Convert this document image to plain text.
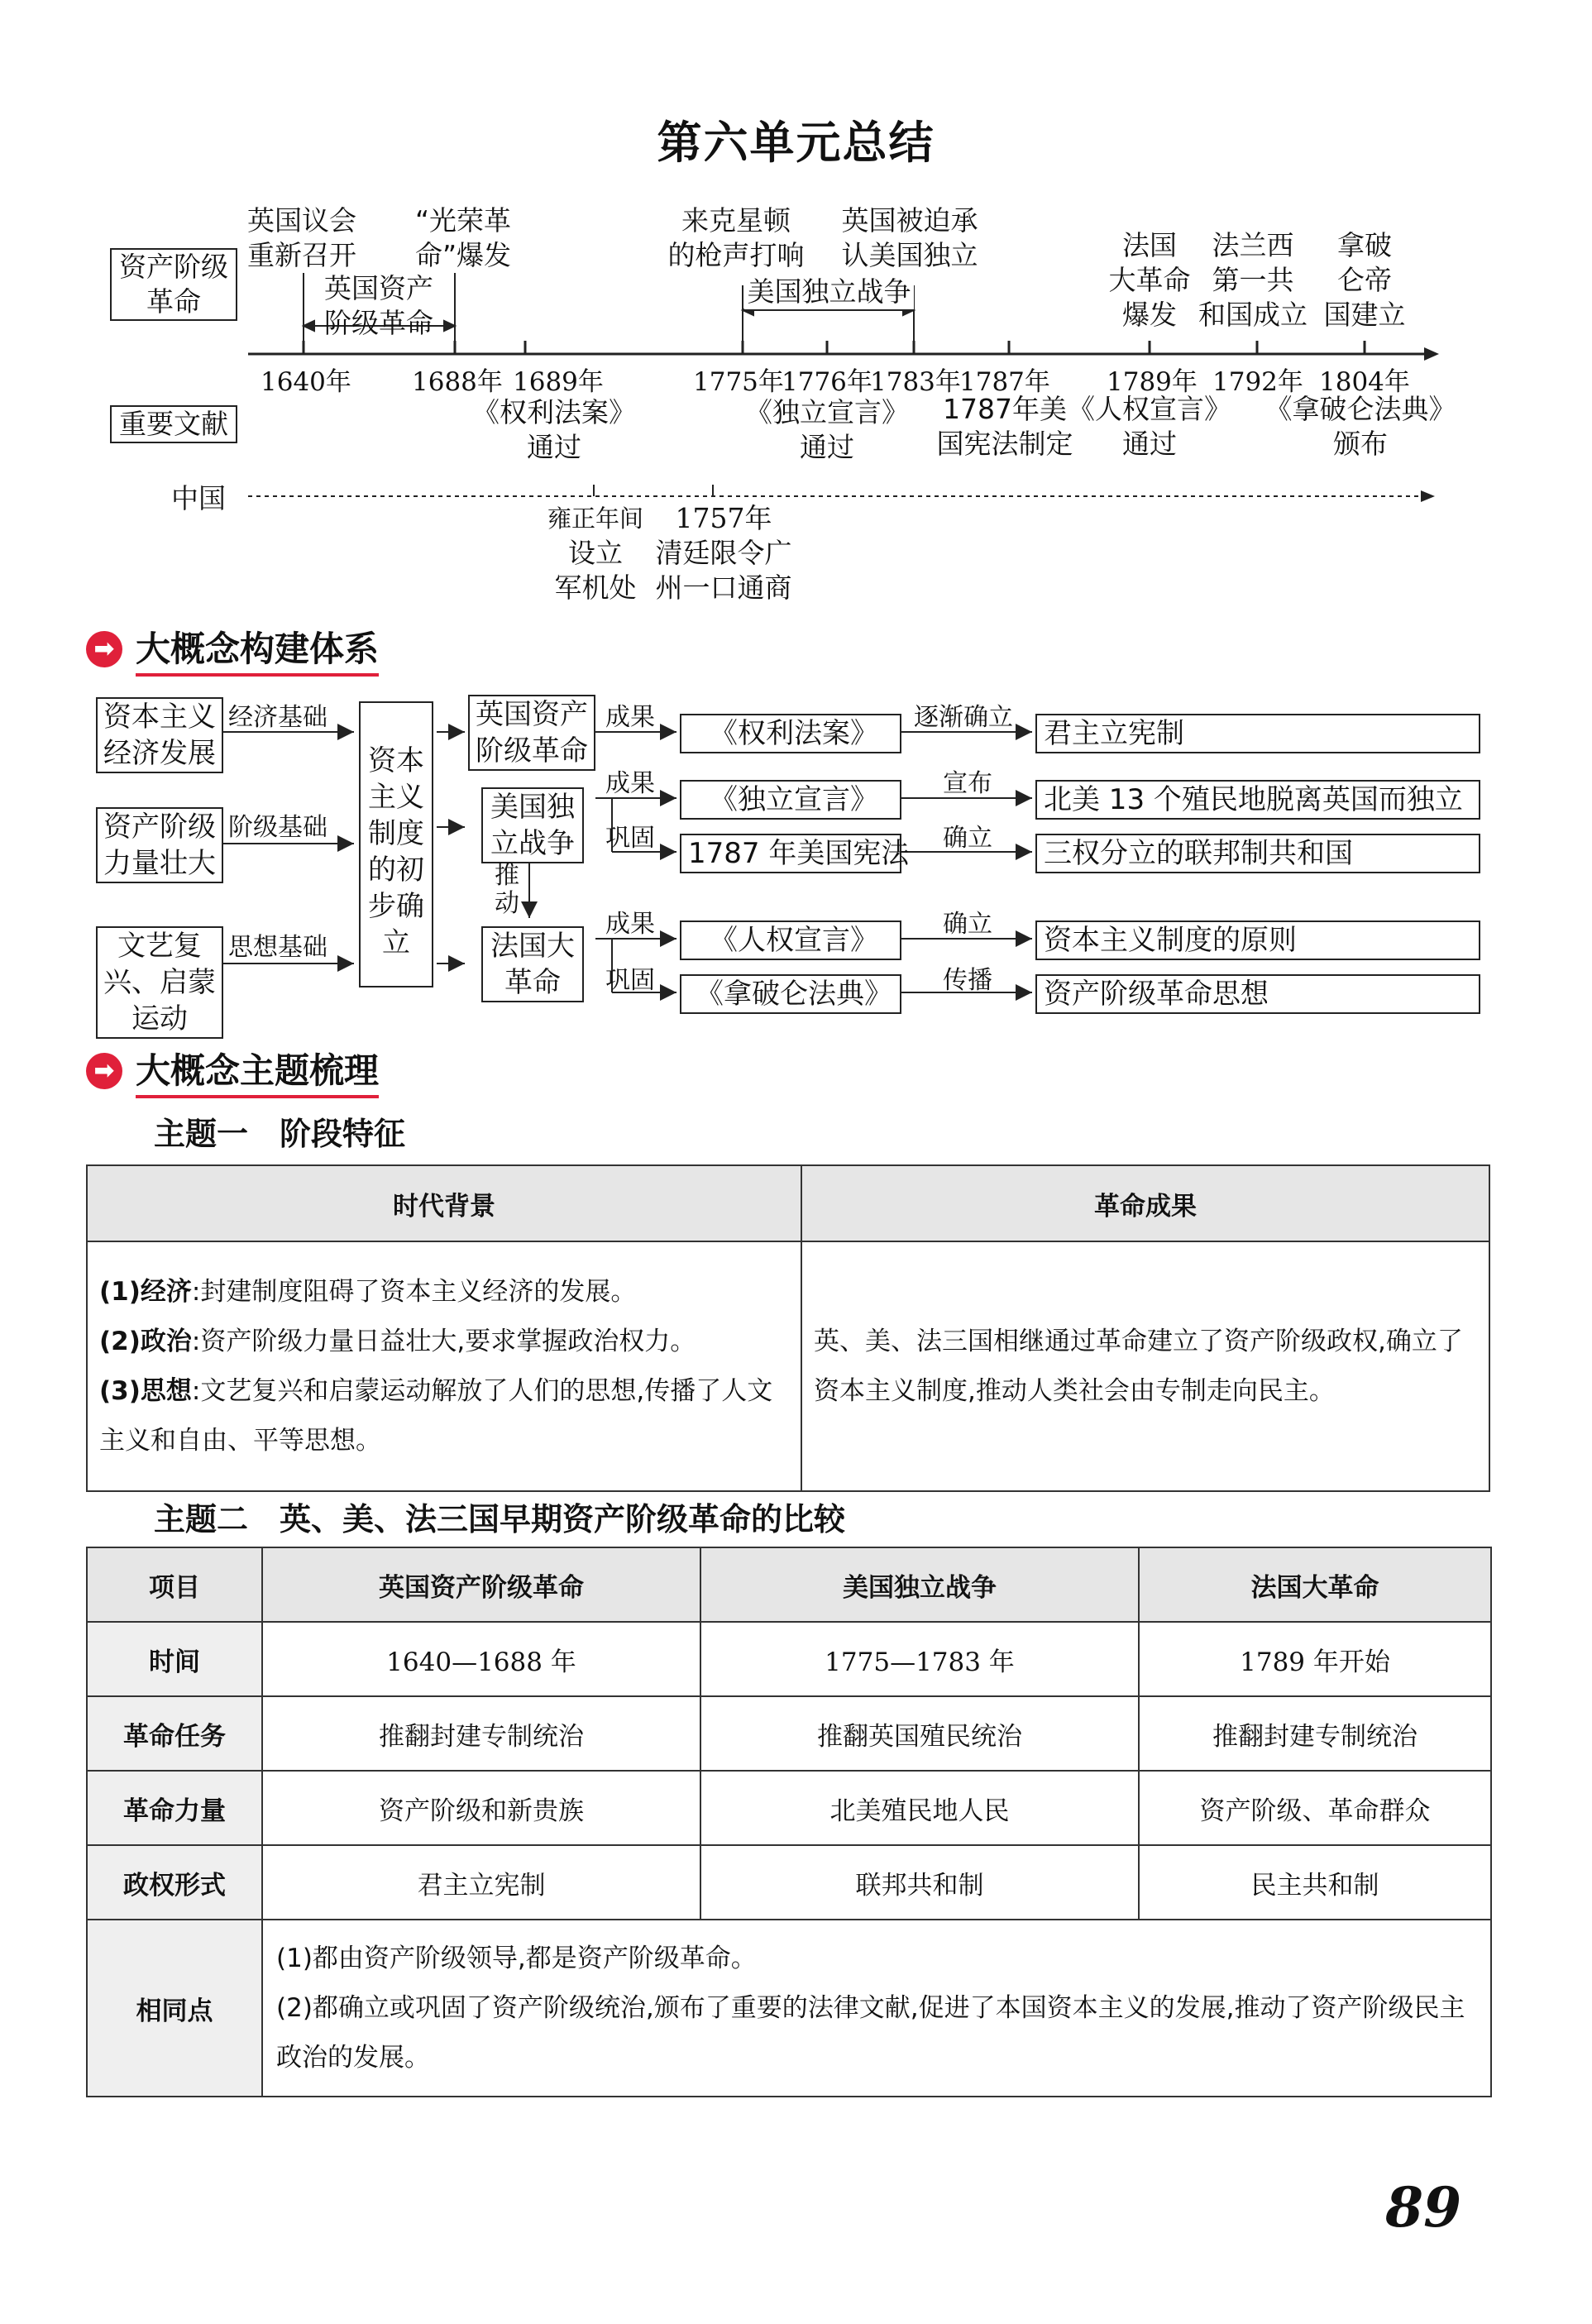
第六单元总结
资产阶级革命
重要文献
中国
英国议会
重新召开
“光荣革
命”爆发
来克星顿
的枪声打响
英国被迫承
认美国独立	法国
大革命
爆发
法兰西
第一共
和国成立
拿破
仑帝
国建立
英国资产
阶级革命
美国独立战争
1640年 1688年 1689年	1775年
1776年
1783年
1787年 1789年 1792年 1804年
《权利法案》
通过
《独立宣言》
通过
1787年美
国宪法制定
《人权宣言》
通过
《拿破仑法典》
颁布
雍正年间
设立
军机处
1757年
清廷限令广
州一口通商
➡ 大概念构建体系
资本主义经济发展
资产阶级力量壮大
文艺复兴、启蒙运动
经济基础
阶级基础
思想基础
资本主义制度的初步确立
英国资产阶级革命
美国独立战争
法国大革命
推动
成果
成果
巩固
成果
巩固
《权利法案》
《独立宣言》
1787 年美国宪法
《人权宣言》
《拿破仑法典》
逐渐确立
宣布
确立
确立
传播
君主立宪制
北美 13 个殖民地脱离英国而独立
三权分立的联邦制共和国
资本主义制度的原则
资产阶级革命思想
➡ 大概念主题梳理
主题一　阶段特征
时代背景	革命成果

(1)经济:封建制度阻碍了资本主义经济的发展。
(2)政治:资产阶级力量日益壮大,要求掌握政治权力。
(3)思想:文艺复兴和启蒙运动解放了人们的思想,传播了人文主义和自由、平等思想。	英、美、法三国相继通过革命建立了资产阶级政权,确立了资本主义制度,推动人类社会由专制走向民主。
主题二　英、美、法三国早期资产阶级革命的比较
项目	英国资产阶级革命	美国独立战争	法国大革命
时间	1640—1688 年	1775—1783 年	1789 年开始
革命任务	推翻封建专制统治	推翻英国殖民统治	推翻封建专制统治
革命力量	资产阶级和新贵族	北美殖民地人民	资产阶级、革命群众
政权形式	君主立宪制	联邦共和制	民主共和制
相同点	(1)都由资产阶级领导,都是资产阶级革命。
(2)都确立或巩固了资产阶级统治,颁布了重要的法律文献,促进了本国资本主义的发展,推动了资产阶级民主政治的发展。		
89
